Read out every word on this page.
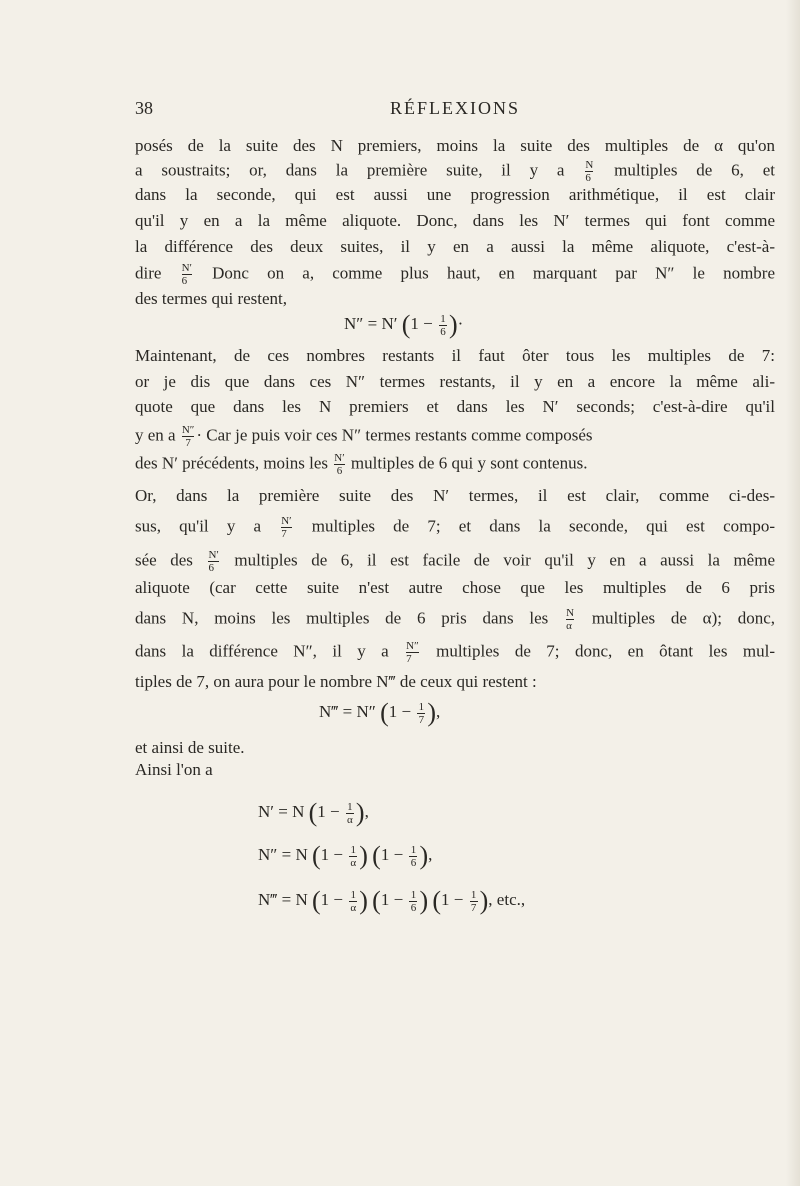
38	RÉFLEXIONS
posés de la suite des N premiers, moins la suite des multiples de α qu'on
a soustraits; or, dans la première suite, il y a $\frac{N}{6}$ multiples de 6, et
dans la seconde, qui est aussi une progression arithmétique, il est clair
qu'il y en a la même aliquote. Donc, dans les N′ termes qui font comme
la différence des deux suites, il y en a aussi la même aliquote, c'est-à-
dire $\frac{N'}{6}$ Donc on a, comme plus haut, en marquant par N″ le nombre
des termes qui restent,
N″ = N′ ($1 - \frac{1}{6}$ )·
Maintenant, de ces nombres restants il faut ôter tous les multiples de 7:
or je dis que dans ces N″ termes restants, il y en a encore la même ali-
quote que dans les N premiers et dans les N′ seconds; c'est-à-dire qu'il
y en a $\frac{N''}{7}$ · Car je puis voir ces N″ termes restants comme composés
des N′ précédents, moins les $\frac{N'}{6}$ multiples de 6 qui y sont contenus.
Or, dans la première suite des N′ termes, il est clair, comme ci-des-
sus, qu'il y a $\frac{N'}{7}$ multiples de 7; et dans la seconde, qui est compo-
sée des $\frac{N'}{6}$ multiples de 6, il est facile de voir qu'il y en a aussi la même
aliquote (car cette suite n'est autre chose que les multiples de 6 pris
dans N, moins les multiples de 6 pris dans les $\frac{N}{\alpha}$ multiples de α); donc,
dans la différence N″, il y a $\frac{N''}{7}$ multiples de 7; donc, en ôtant les mul-
tiples de 7, on aura pour le nombre N‴ de ceux qui restent :
N‴ = N″ ($1 - \frac{1}{7}$ ),
et ainsi de suite.
Ainsi l'on a
N′ = N ($1 - \frac{1}{\alpha}$ ),
N″ = N ($1 - \frac{1}{\alpha}$ ) ($1 - \frac{1}{6}$ ),
N‴ = N ($1 - \frac{1}{\alpha}$ ) ($1 - \frac{1}{6}$ ) ($1 - \frac{1}{7}$ ), etc.,
